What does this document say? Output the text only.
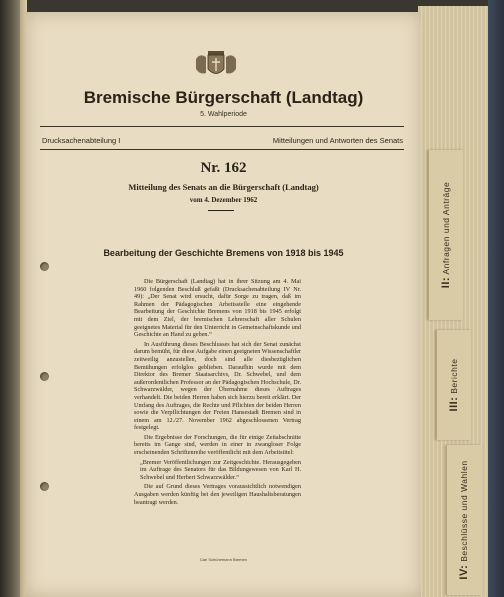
II: Anfragen und Anträge
III: Berichte
IV: Beschlüsse und Wahlen
Bremische Bürgerschaft (Landtag)
5. Wahlperiode
Drucksachenabteilung I	Mitteilungen und Antworten des Senats
Nr. 162
Mitteilung des Senats an die Bürgerschaft (Landtag)
vom 4. Dezember 1962
Bearbeitung der Geschichte Bremens von 1918 bis 1945

Die Bürgerschaft (Landtag) hat in ihrer Sitzung am 4. Mai 1960 folgenden Beschluß gefaßt (Drucksachenabteilung IV Nr. 49): „Der Senat wird ersucht, dafür Sorge zu tragen, daß im Rahmen der Pädagogischen Arbeitsstelle eine eingehende Bearbeitung der Geschichte Bremens von 1918 bis 1945 erfolgt mit dem Ziel, der bremischen Lehrerschaft aller Schulen geeignetes Material für den Unterricht in Gemeinschaftskunde und Geschichte an Hand zu geben.“

In Ausführung dieses Beschlusses hat sich der Senat zunächst darum bemüht, für diese Aufgabe einen geeigneten Wissenschaftler zeitweilig anzustellen, doch sind alle diesbezüglichen Bemühungen erfolglos geblieben. Daraufhin wurde mit dem Direktor des Bremer Staatsarchivs, Dr. Schwebel, und dem außerordentlichen Professor an der Pädagogischen Hochschule, Dr. Schwarzwälder, wegen der Übernahme dieses Auftrages verhandelt. Die beiden Herren haben sich hierzu bereit erklärt. Der Umfang des Auftrages, die Rechte und Pflichten der beiden Herren sowie die Verpflichtungen der Freien Hansestadt Bremen sind in einem am 12./27. November 1962 abgeschlossenen Vertrag festgelegt.

Die Ergebnisse der Forschungen, die für einige Zeitabschnitte bereits im Gange sind, werden in einer in zwangloser Folge erscheinenden Schriftenreihe veröffentlicht mit dem Arbeitstitel:

„Bremer Veröffentlichungen zur Zeitgeschichte. Herausgegeben im Auftrage des Senators für das Bildungswesen von Karl H. Schwebel und Herbert Schwarzwälder.“

Die auf Grund dieses Vertrages voraussichtlich notwendigen Ausgaben werden künftig bei den jeweiligen Haushaltsberatungen beantragt werden.

Carl Schünemann Bremen
